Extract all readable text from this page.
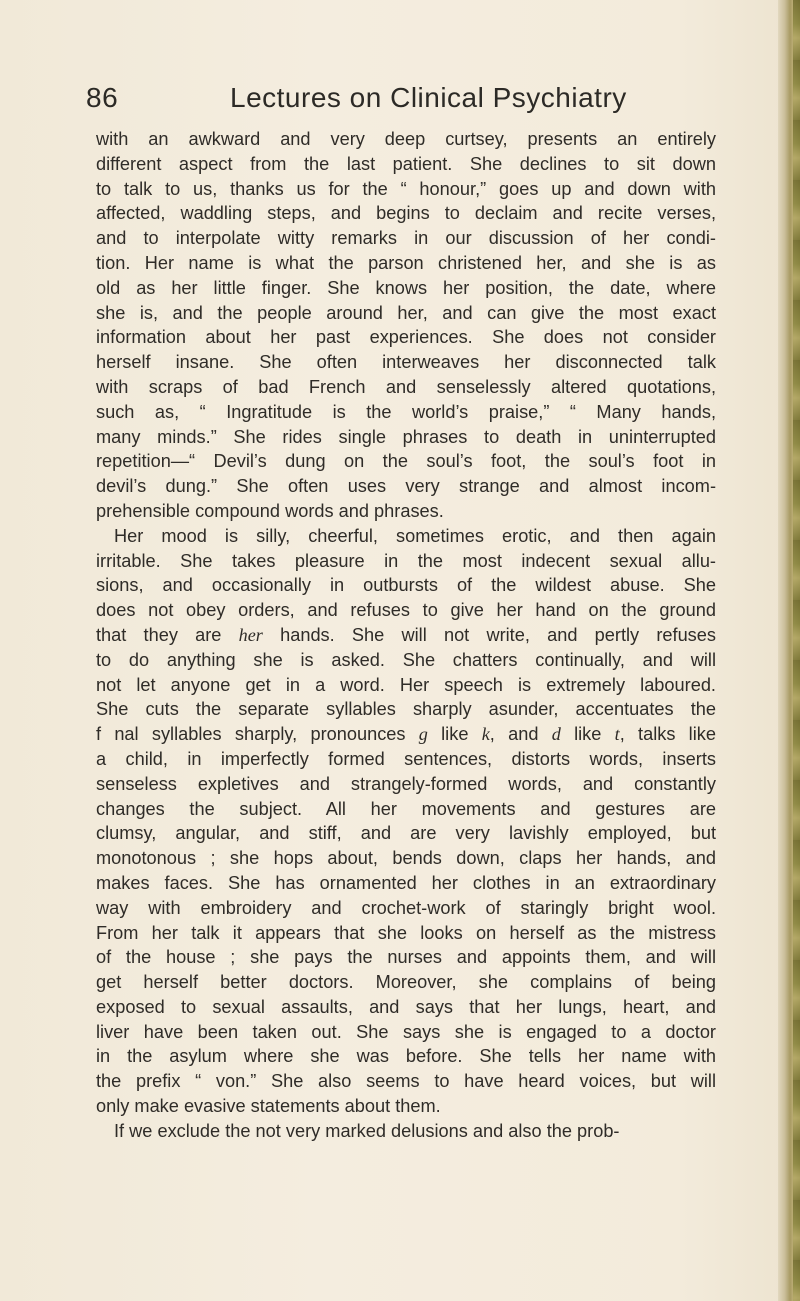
86	Lectures on Clinical Psychiatry
with an awkward and very deep curtsey, presents an entirely
different aspect from the last patient. She declines to sit down
to talk to us, thanks us for the “ honour,” goes up and down with
affected, waddling steps, and begins to declaim and recite verses,
and to interpolate witty remarks in our discussion of her condi-
tion. Her name is what the parson christened her, and she is as
old as her little finger. She knows her position, the date, where
she is, and the people around her, and can give the most exact
information about her past experiences. She does not consider
herself insane. She often interweaves her disconnected talk
with scraps of bad French and senselessly altered quotations,
such as, “ Ingratitude is the world’s praise,” “ Many hands,
many minds.” She rides single phrases to death in uninterrupted
repetition—“ Devil’s dung on the soul’s foot, the soul’s foot in
devil’s dung.” She often uses very strange and almost incom-
prehensible compound words and phrases.
Her mood is silly, cheerful, sometimes erotic, and then again
irritable. She takes pleasure in the most indecent sexual allu-
sions, and occasionally in outbursts of the wildest abuse. She
does not obey orders, and refuses to give her hand on the ground
that they are her hands. She will not write, and pertly refuses
to do anything she is asked. She chatters continually, and will
not let anyone get in a word. Her speech is extremely laboured.
She cuts the separate syllables sharply asunder, accentuates the
f nal syllables sharply, pronounces g like k, and d like t, talks like
a child, in imperfectly formed sentences, distorts words, inserts
senseless expletives and strangely-formed words, and constantly
changes the subject. All her movements and gestures are
clumsy, angular, and stiff, and are very lavishly employed, but
monotonous ; she hops about, bends down, claps her hands, and
makes faces. She has ornamented her clothes in an extraordinary
way with embroidery and crochet-work of staringly bright wool.
From her talk it appears that she looks on herself as the mistress
of the house ; she pays the nurses and appoints them, and will
get herself better doctors. Moreover, she complains of being
exposed to sexual assaults, and says that her lungs, heart, and
liver have been taken out. She says she is engaged to a doctor
in the asylum where she was before. She tells her name with
the prefix “ von.” She also seems to have heard voices, but will
only make evasive statements about them.
If we exclude the not very marked delusions and also the prob-
